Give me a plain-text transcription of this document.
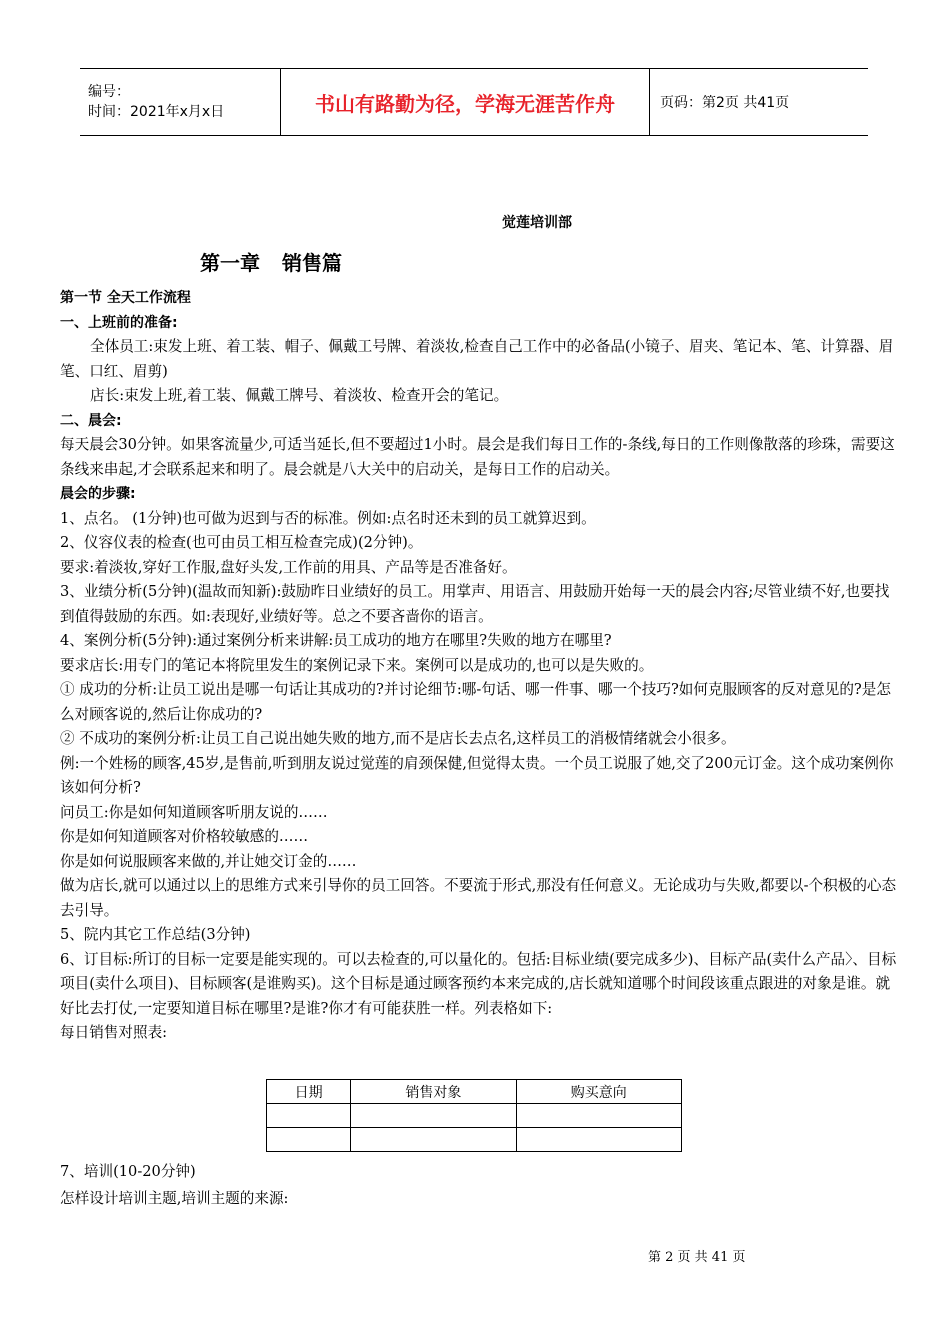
编号：
时间：2021年x月x日	书山有路勤为径，学海无涯苦作舟	页码：第2页 共41页
觉莲培训部
第一章 销售篇

第一节 全天工作流程

一、上班前的准备:

全体员工:束发上班、着工装、帽子、佩戴工号牌、着淡妆,检查自己工作中的必备品(小镜子、眉夹、笔记本、笔、计算器、眉笔、口红、眉剪)

店长:束发上班,着工装、佩戴工牌号、着淡妆、检查开会的笔记。

二、晨会:

每天晨会30分钟。如果客流量少,可适当延长,但不要超过1小时。晨会是我们每日工作的-条线,每日的工作则像散落的珍珠，需要这条线来串起,才会联系起来和明了。晨会就是八大关中的启动关，是每日工作的启动关。

晨会的步骤:

1、点名。 (1分钟)也可做为迟到与否的标准。例如:点名时还未到的员工就算迟到。

2、仪容仪表的检查(也可由员工相互检查完成)(2分钟)。

要求:着淡妆,穿好工作服,盘好头发,工作前的用具、产品等是否准备好。

3、业绩分析(5分钟)(温故而知新):鼓励昨日业绩好的员工。用掌声、用语言、用鼓励开始每一天的晨会内容;尽管业绩不好,也要找到值得鼓励的东西。如:表现好,业绩好等。总之不要吝啬你的语言。

4、案例分析(5分钟):通过案例分析来讲解:员工成功的地方在哪里?失败的地方在哪里?

要求店长:用专门的笔记本将院里发生的案例记录下来。案例可以是成功的,也可以是失败的。

① 成功的分析:让员工说出是哪一句话让其成功的?并讨论细节:哪-句话、哪一件事、哪一个技巧?如何克服顾客的反对意见的?是怎么对顾客说的,然后让你成功的?

② 不成功的案例分析:让员工自己说出她失败的地方,而不是店长去点名,这样员工的消极情绪就会小很多。

例:一个姓杨的顾客,45岁,是售前,听到朋友说过觉莲的肩颈保健,但觉得太贵。一个员工说服了她,交了200元订金。这个成功案例你该如何分析?

问员工:你是如何知道顾客听朋友说的……

你是如何知道顾客对价格较敏感的……

你是如何说服顾客来做的,并让她交订金的……

做为店长,就可以通过以上的思维方式来引导你的员工回答。不要流于形式,那没有任何意义。无论成功与失败,都要以-个积极的心态去引导。

5、院内其它工作总结(3分钟)

6、订目标:所订的目标一定要是能实现的。可以去检查的,可以量化的。包括:目标业绩(要完成多少)、目标产品(卖什么产品〉、目标项目(卖什么项目)、目标顾客(是谁购买)。这个目标是通过顾客预约本来完成的,店长就知道哪个时间段该重点跟进的对象是谁。就好比去打仗,一定要知道目标在哪里?是谁?你才有可能获胜一样。列表格如下:

每日销售对照表:

日期	销售对象	购买意向

7、培训(10-20分钟)

怎样设计培训主题,培训主题的来源:

第 2 页 共 41 页
